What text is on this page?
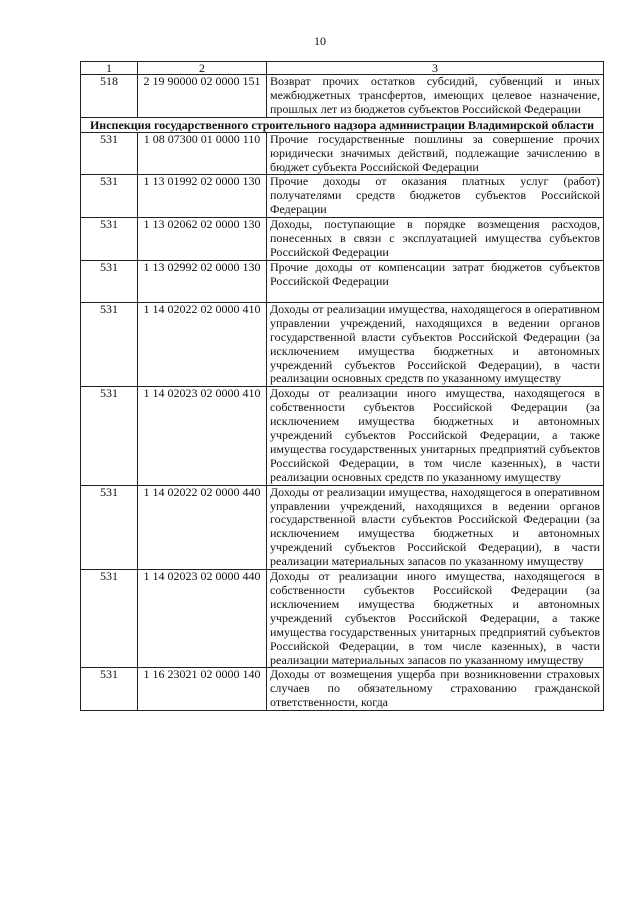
10
1	2	3
518	2 19 90000 02 0000 151	Возврат прочих остатков субсидий, субвенций и иных межбюджетных трансфертов, имеющих целевое назначение, прошлых лет из бюджетов субъектов Российской Федерации
Инспекция государственного строительного надзора администрации Владимирской области		
531	1 08 07300 01 0000 110	Прочие государственные пошлины за совершение прочих юридически значимых действий, подлежащие зачислению в бюджет субъекта Российской Федерации
531	1 13 01992 02 0000 130	Прочие доходы от оказания платных услуг (работ) получателями средств бюджетов субъектов Российской Федерации
531	1 13 02062 02 0000 130	Доходы, поступающие в порядке возмещения расходов, понесенных в связи с эксплуатацией имущества субъектов Российской Федерации
531	1 13 02992 02 0000 130	Прочие доходы от компенсации затрат бюджетов субъектов Российской Федерации
531	1 14 02022 02 0000 410	Доходы от реализации имущества, находящегося в оперативном управлении учреждений, находящихся в ведении органов государственной власти субъектов Российской Федерации (за исключением имущества бюджетных и автономных учреждений субъектов Российской Федерации), в части реализации основных средств по указанному имуществу
531	1 14 02023 02 0000 410	Доходы от реализации иного имущества, находящегося в собственности субъектов Российской Федерации (за исключением имущества бюджетных и автономных учреждений субъектов Российской Федерации, а также имущества государственных унитарных предприятий субъектов Российской Федерации, в том числе казенных), в части реализации основных средств по указанному имуществу
531	1 14 02022 02 0000 440	Доходы от реализации имущества, находящегося в оперативном управлении учреждений, находящихся в ведении органов государственной власти субъектов Российской Федерации (за исключением имущества бюджетных и автономных учреждений субъектов Российской Федерации), в части реализации материальных запасов по указанному имуществу
531	1 14 02023 02 0000 440	Доходы от реализации иного имущества, находящегося в собственности субъектов Российской Федерации (за исключением имущества бюджетных и автономных учреждений субъектов Российской Федерации, а также имущества государственных унитарных предприятий субъектов Российской Федерации, в том числе казенных), в части реализации материальных запасов по указанному имуществу
531	1 16 23021 02 0000 140	Доходы от возмещения ущерба при возникновении страховых случаев по обязательному страхованию гражданской ответственности, когда
